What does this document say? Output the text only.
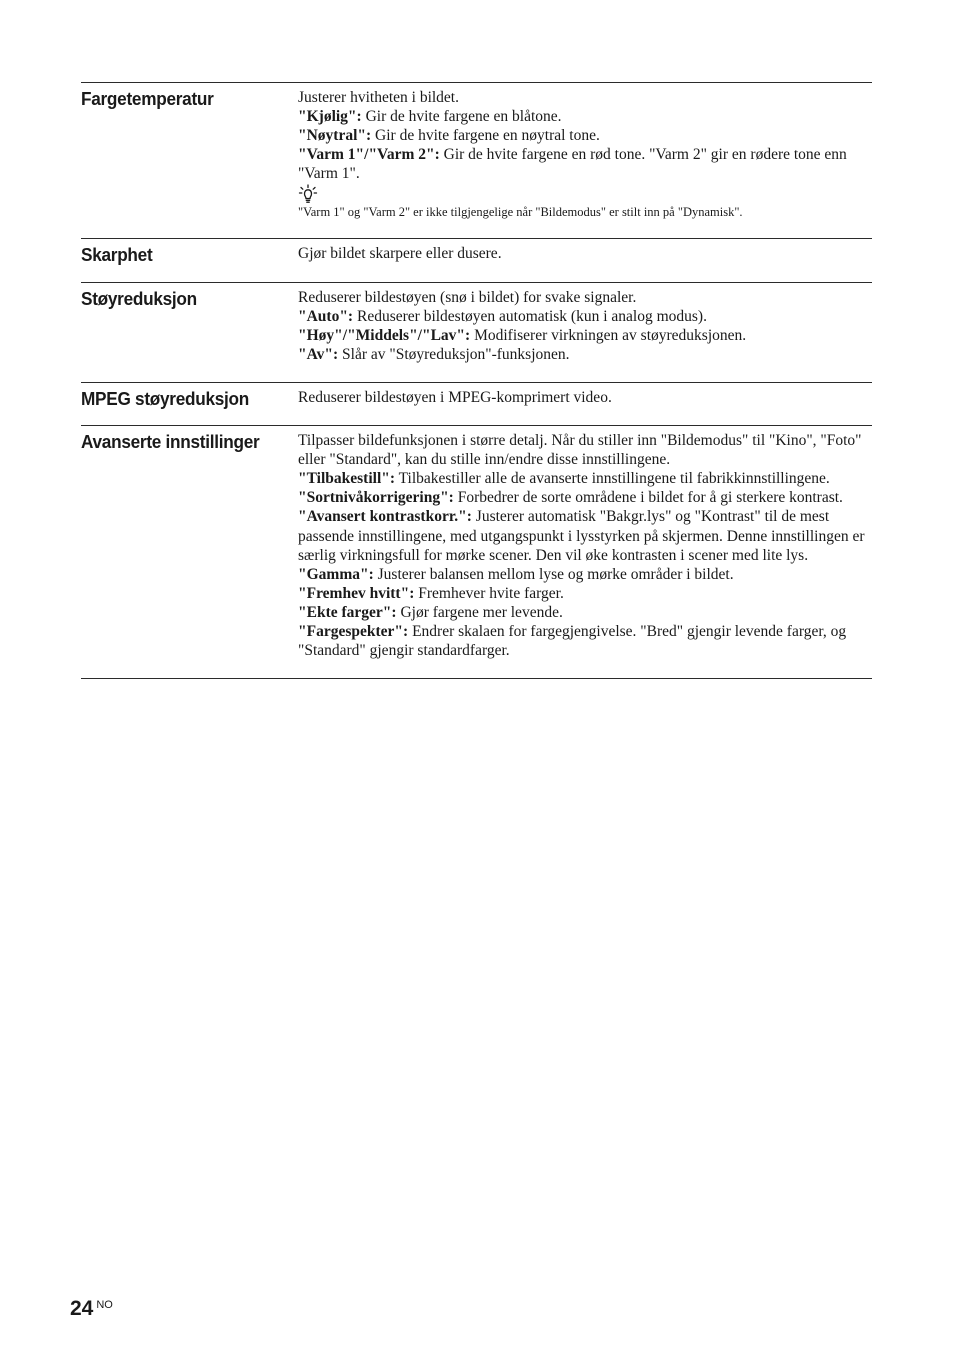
Fargetemperatur	Justerer hvitheten i bildet.

"Kjølig": Gir de hvite fargene en blåtone.

"Nøytral": Gir de hvite fargene en nøytral tone.

"Varm 1"/"Varm 2": Gir de hvite fargene en rød tone. "Varm 2" gir en rødere tone enn "Varm 1".

"Varm 1" og "Varm 2" er ikke tilgjengelige når "Bildemodus" er stilt inn på "Dynamisk".

Skarphet	Gjør bildet skarpere eller dusere.

Støyreduksjon	Reduserer bildestøyen (snø i bildet) for svake signaler.

"Auto": Reduserer bildestøyen automatisk (kun i analog modus).

"Høy"/"Middels"/"Lav": Modifiserer virkningen av støyreduksjonen.

"Av": Slår av "Støyreduksjon"-funksjonen.

MPEG støyreduksjon	Reduserer bildestøyen i MPEG-komprimert video.

Avanserte innstillinger	Tilpasser bildefunksjonen i større detalj. Når du stiller inn "Bildemodus" til "Kino", "Foto" eller "Standard", kan du stille inn/endre disse innstillingene.

"Tilbakestill": Tilbakestiller alle de avanserte innstillingene til fabrikkinnstillingene.

"Sortnivåkorrigering": Forbedrer de sorte områdene i bildet for å gi sterkere kontrast.

"Avansert kontrastkorr.": Justerer automatisk "Bakgr.lys" og "Kontrast" til de mest passende innstillingene, med utgangspunkt i lysstyrken på skjermen. Denne innstillingen er særlig virkningsfull for mørke scener. Den vil øke kontrasten i scener med lite lys.

"Gamma": Justerer balansen mellom lyse og mørke områder i bildet.

"Fremhev hvitt": Fremhever hvite farger.

"Ekte farger": Gjør fargene mer levende.

"Fargespekter": Endrer skalaen for fargegjengivelse. "Bred" gjengir levende farger, og "Standard" gjengir standardfarger.

24 $^{NO}$
